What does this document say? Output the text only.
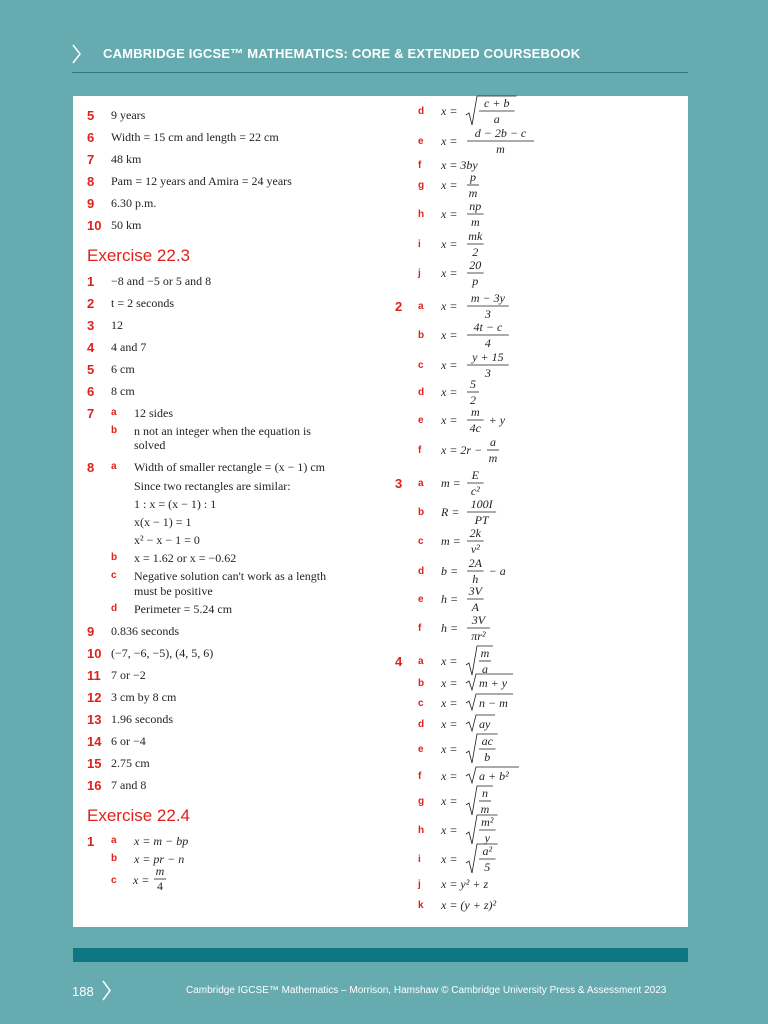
CAMBRIDGE IGCSE™ MATHEMATICS: CORE & EXTENDED COURSEBOOK
5 9 years
6 Width = 15 cm and length = 22 cm
7 48 km
8 Pam = 12 years and Amira = 24 years
9 6.30 p.m.
10 50 km
Exercise 22.3
1 −8 and −5 or 5 and 8
2 t = 2 seconds
3 12
4 4 and 7
5 6 cm
6 8 cm
7 a 12 sides
b n not an integer when the equation is
solved
8 a Width of smaller rectangle = (x − 1) cm
Since two rectangles are similar:
1 : x = (x − 1) : 1
x(x − 1) = 1
x² − x − 1 = 0
b x = 1.62 or x = −0.62
c Negative solution can't work as a length
must be positive
d Perimeter = 5.24 cm
9 0.836 seconds
10 (−7, −6, −5), (4, 5, 6)
11 7 or −2
12 3 cm by 8 cm
13 1.96 seconds
14 6 or −4
15 2.75 cm
16 7 and 8
Exercise 22.4
1 a x = m − bp
b x = pr − n
c x =
m
4
d x =
c + b
a
e x =
d − 2b − c
m
f x = 3by
g x =
p
m
h x =
np
m
i x =
mk
2
j x =
20
p
2 a x =
m − 3y
3
b x =
4t − c
4
c x =
y + 15
3
d x =
5
2
e x =
m
4c
+ y
f x = 2r −
a
m
3 a m =
E
c²
b R =
100I
PT
c m =
2k
v²
d b =
2A
h
− a
e h =
3V
A
f h =
3V
πr²
4 a x =
m
a
b x = m + y
c x = n − m
d x = ay
e x =
ac
b
f x = a + b²
g x =
n
m
h x =
m²
y
i x =
a²
5
j x = y² + z
k x = (y + z)²
188	Cambridge IGCSE™ Mathematics – Morrison, Hamshaw © Cambridge University Press & Assessment 2023
